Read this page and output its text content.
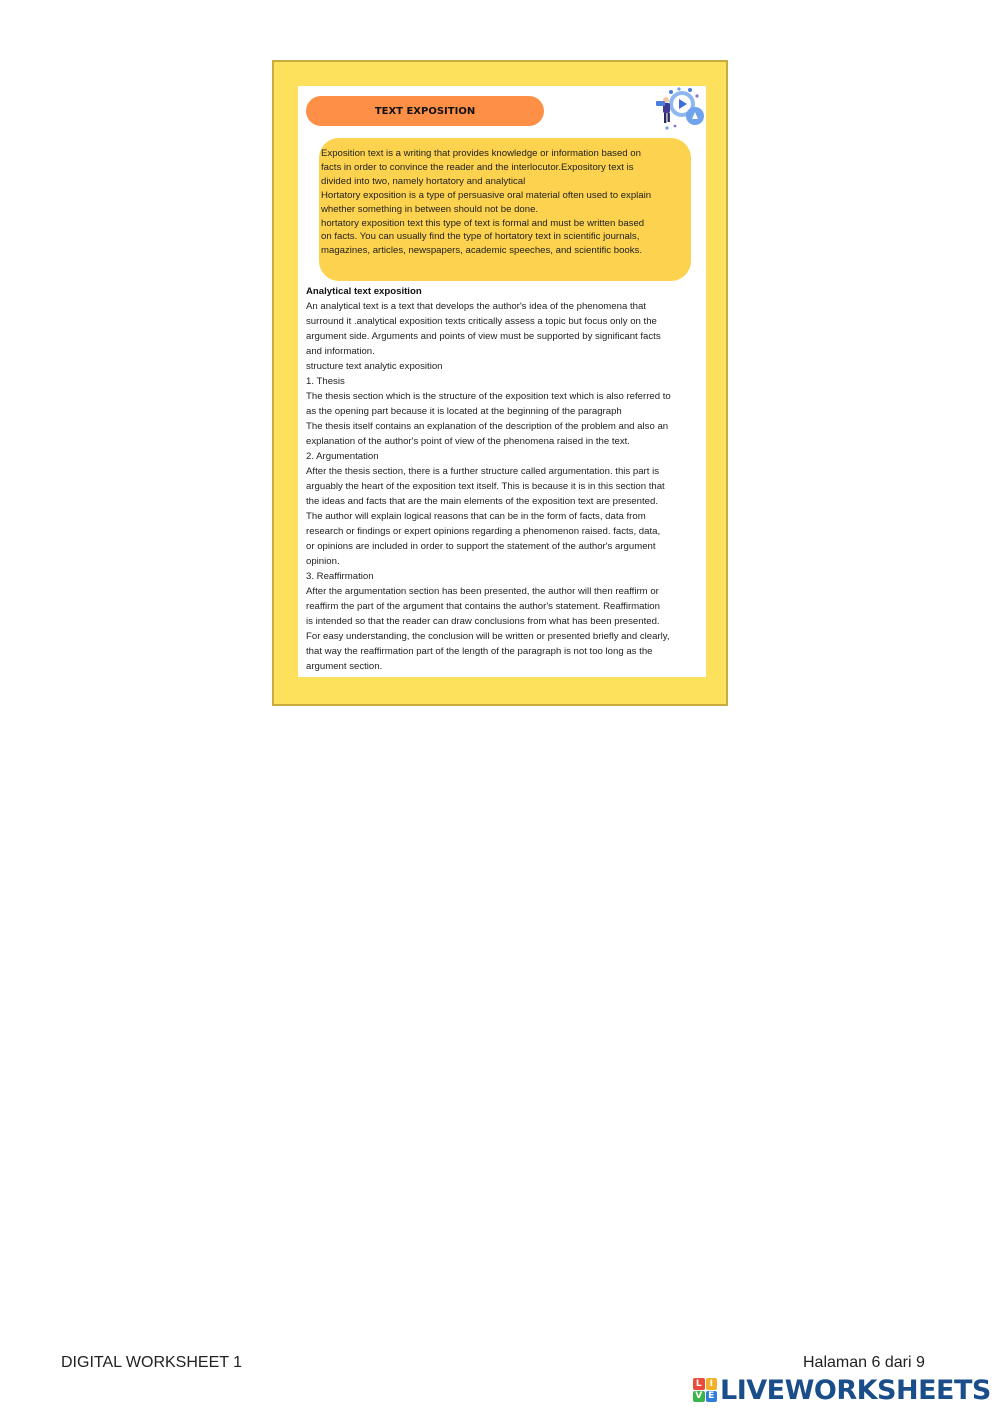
TEXT EXPOSITION

Exposition text is a writing that provides knowledge or information based on

facts in order to convince the reader and the interlocutor.Expository text is

divided into two, namely hortatory and analytical

Hortatory exposition is a type of persuasive oral material often used to explain

whether something in between should not be done.

hortatory exposition text this type of text is formal and must be written based

on facts. You can usually find the type of hortatory text in scientific journals,

magazines, articles, newspapers, academic speeches, and scientific books.

Analytical text exposition

An analytical text is a text that develops the author's idea of the phenomena that

surround it .analytical exposition texts critically assess a topic but focus only on the

argument side. Arguments and points of view must be supported by significant facts

and information.

structure text analytic exposition

1. Thesis

The thesis section which is the structure of the exposition text which is also referred to

as the opening part because it is located at the beginning of the paragraph

The thesis itself contains an explanation of the description of the problem and also an

explanation of the author's point of view of the phenomena raised in the text.

2. Argumentation

After the thesis section, there is a further structure called argumentation. this part is

arguably the heart of the exposition text itself. This is because it is in this section that

the ideas and facts that are the main elements of the exposition text are presented.

The author will explain logical reasons that can be in the form of facts, data from

research or findings or expert opinions regarding a phenomenon raised. facts, data,

or opinions are included in order to support the statement of the author's argument

opinion.

3. Reaffirmation

After the argumentation section has been presented, the author will then reaffirm or

reaffirm the part of the argument that contains the author's statement. Reaffirmation

is intended so that the reader can draw conclusions from what has been presented.

For easy understanding, the conclusion will be written or presented briefly and clearly,

that way the reaffirmation part of the length of the paragraph is not too long as the

argument section.

DIGITAL WORKSHEET 1	Halaman 6 dari 9
L I
V E LIVEWORKSHEETS
